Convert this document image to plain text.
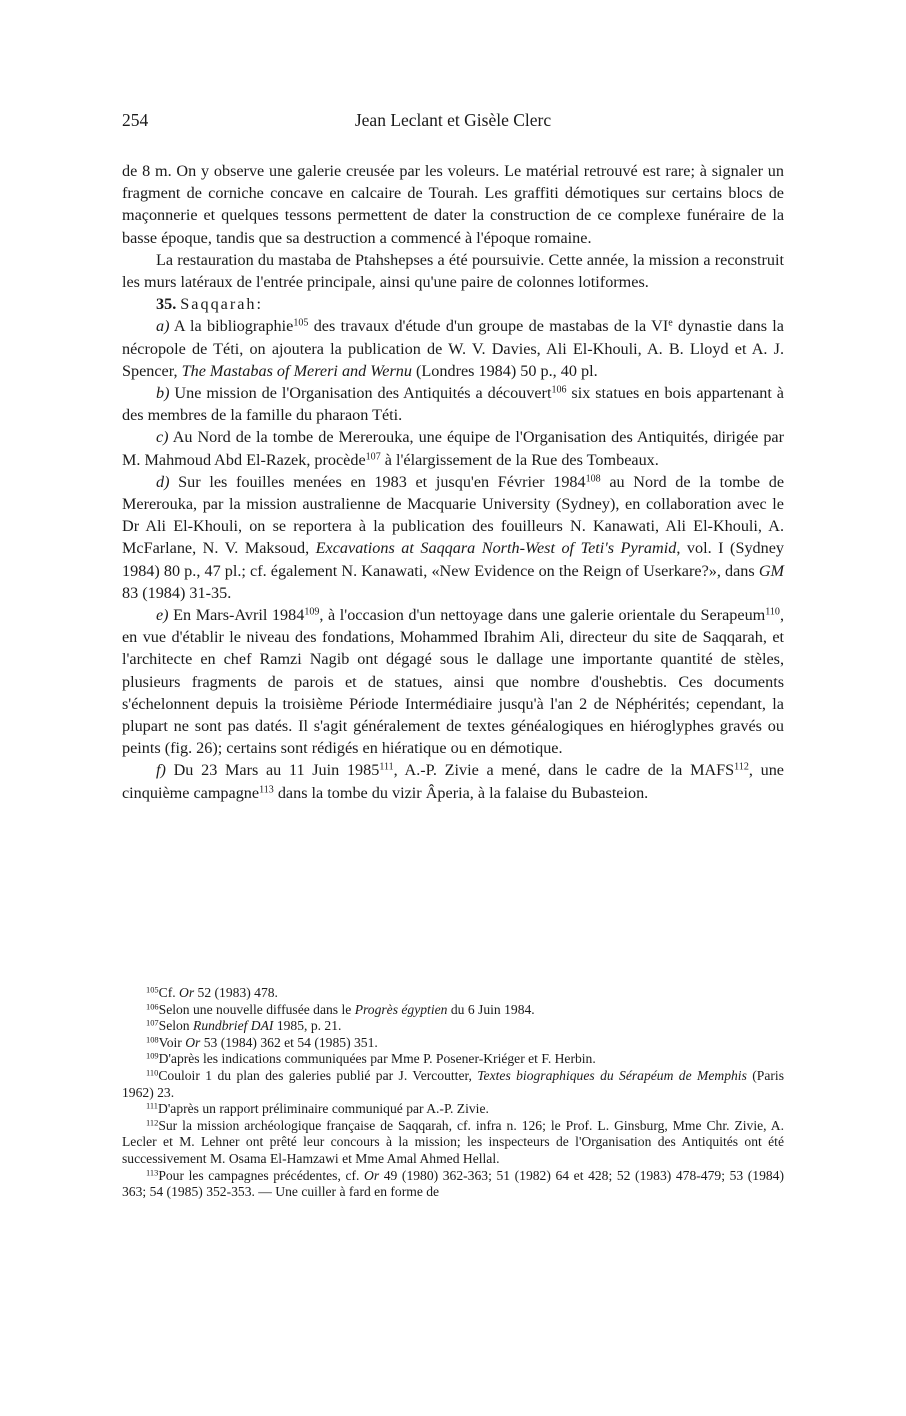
254	Jean Leclant et Gisèle Clerc

de 8 m. On y observe une galerie creusée par les voleurs. Le matérial retrouvé est rare; à signaler un fragment de corniche concave en calcaire de Tourah. Les graffiti démotiques sur certains blocs de maçonnerie et quelques tessons permettent de dater la construction de ce complexe funéraire de la basse époque, tandis que sa destruction a commencé à l'époque romaine.

La restauration du mastaba de Ptahshepses a été poursuivie. Cette année, la mission a reconstruit les murs latéraux de l'entrée principale, ainsi qu'une paire de colonnes lotiformes.

35. Saqqarah:

a) A la bibliographie$^{105}$ des travaux d'étude d'un groupe de mastabas de la VIe dynastie dans la nécropole de Téti, on ajoutera la publication de W. V. Davies, Ali El-Khouli, A. B. Lloyd et A. J. Spencer, The Mastabas of Mereri and Wernu (Londres 1984) 50 p., 40 pl.

b) Une mission de l'Organisation des Antiquités a découvert$^{106}$ six statues en bois appartenant à des membres de la famille du pharaon Téti.

c) Au Nord de la tombe de Mererouka, une équipe de l'Organisation des Antiquités, dirigée par M. Mahmoud Abd El-Razek, procède$^{107}$ à l'élargissement de la Rue des Tombeaux.

d) Sur les fouilles menées en 1983 et jusqu'en Février 1984$^{108}$ au Nord de la tombe de Mererouka, par la mission australienne de Macquarie University (Sydney), en collaboration avec le Dr Ali El-Khouli, on se reportera à la publication des fouilleurs N. Kanawati, Ali El-Khouli, A. McFarlane, N. V. Maksoud, Excavations at Saqqara North-West of Teti's Pyramid, vol. I (Sydney 1984) 80 p., 47 pl.; cf. également N. Kanawati, «New Evidence on the Reign of Userkare?», dans GM 83 (1984) 31-35.

e) En Mars-Avril 1984$^{109}$, à l'occasion d'un nettoyage dans une galerie orientale du Serapeum$^{110}$, en vue d'établir le niveau des fondations, Mohammed Ibrahim Ali, directeur du site de Saqqarah, et l'architecte en chef Ramzi Nagib ont dégagé sous le dallage une importante quantité de stèles, plusieurs fragments de parois et de statues, ainsi que nombre d'oushebtis. Ces documents s'échelonnent depuis la troisième Période Intermédiaire jusqu'à l'an 2 de Néphérités; cependant, la plupart ne sont pas datés. Il s'agit généralement de textes généalogiques en hiéroglyphes gravés ou peints (fig. 26); certains sont rédigés en hiératique ou en démotique.

f) Du 23 Mars au 11 Juin 1985$^{111}$, A.-P. Zivie a mené, dans le cadre de la MAFS$^{112}$, une cinquième campagne$^{113}$ dans la tombe du vizir Âperia, à la falaise du Bubasteion.

$^{105}$Cf. Or 52 (1983) 478.

$^{106}$Selon une nouvelle diffusée dans le Progrès égyptien du 6 Juin 1984.

$^{107}$Selon Rundbrief DAI 1985, p. 21.

$^{108}$Voir Or 53 (1984) 362 et 54 (1985) 351.

$^{109}$D'après les indications communiquées par Mme P. Posener-Kriéger et F. Herbin.

$^{110}$Couloir 1 du plan des galeries publié par J. Vercoutter, Textes biographiques du Sérapéum de Memphis (Paris 1962) 23.

$^{111}$D'après un rapport préliminaire communiqué par A.-P. Zivie.

$^{112}$Sur la mission archéologique française de Saqqarah, cf. infra n. 126; le Prof. L. Ginsburg, Mme Chr. Zivie, A. Lecler et M. Lehner ont prêté leur concours à la mission; les inspecteurs de l'Organisation des Antiquités ont été successivement M. Osama El-Hamzawi et Mme Amal Ahmed Hellal.

$^{113}$Pour les campagnes précédentes, cf. Or 49 (1980) 362-363; 51 (1982) 64 et 428; 52 (1983) 478-479; 53 (1984) 363; 54 (1985) 352-353. — Une cuiller à fard en forme de
